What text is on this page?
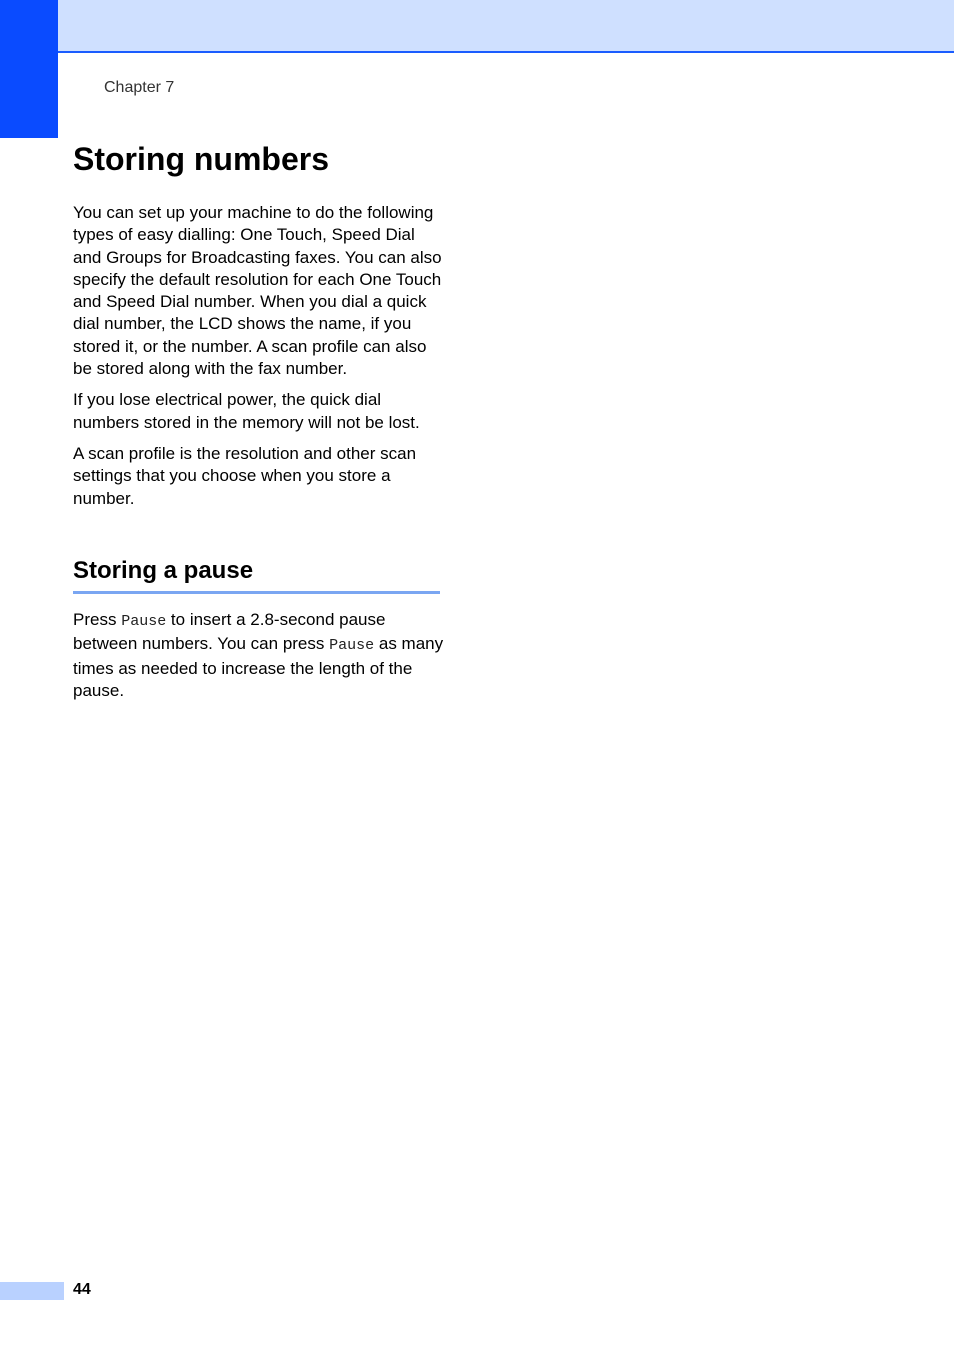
Chapter 7
Storing numbers

You can set up your machine to do the following types of easy dialling: One Touch, Speed Dial and Groups for Broadcasting faxes. You can also specify the default resolution for each One Touch and Speed Dial number. When you dial a quick dial number, the LCD shows the name, if you stored it, or the number. A scan profile can also be stored along with the fax number.

If you lose electrical power, the quick dial numbers stored in the memory will not be lost.

A scan profile is the resolution and other scan settings that you choose when you store a number.

Storing a pause

Press Pause to insert a 2.8-second pause between numbers. You can press Pause as many times as needed to increase the length of the pause.

44
